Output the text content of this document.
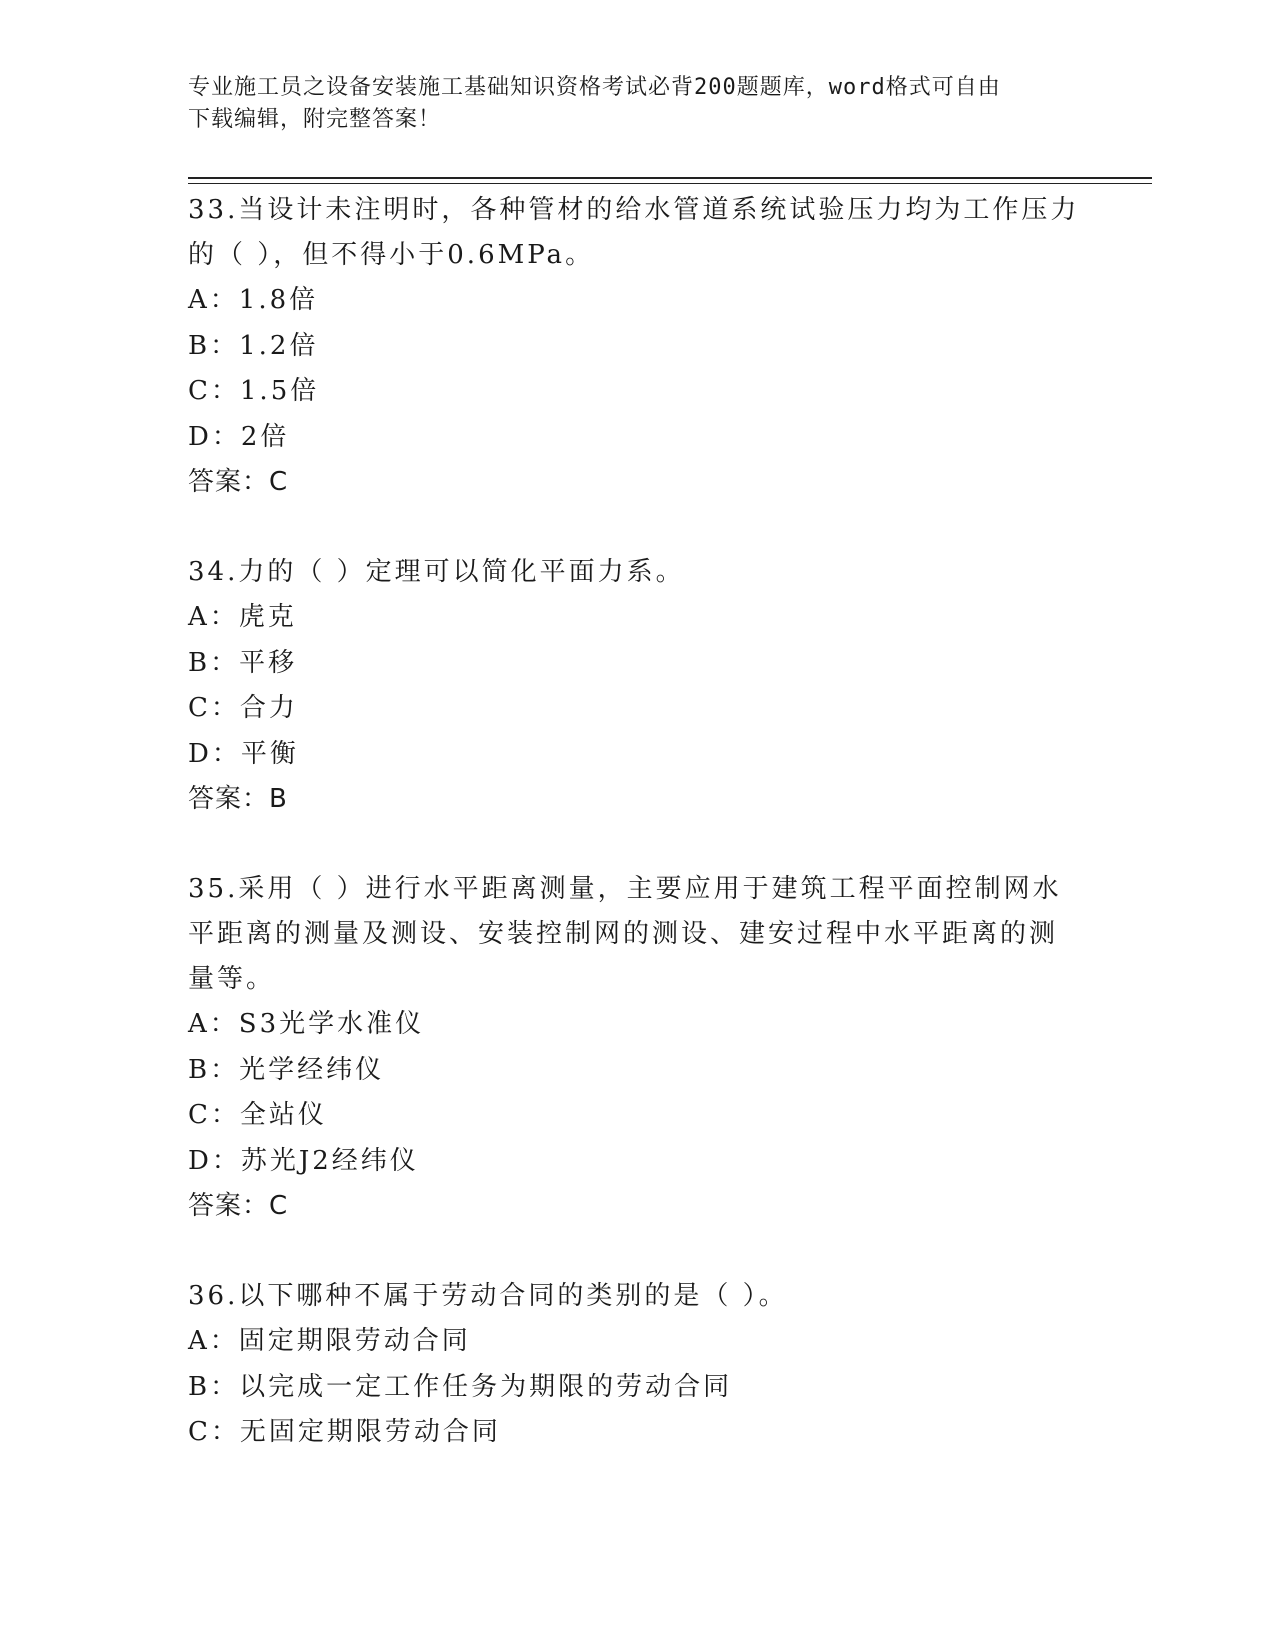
专业施工员之设备安装施工基础知识资格考试必背200题题库，word格式可自由
下载编辑，附完整答案！

33.当设计未注明时，各种管材的给水管道系统试验压力均为工作压力

的（ ），但不得小于0.6MPa。

A：1.8倍

B：1.2倍

C：1.5倍

D：2倍

答案：C

34.力的（ ）定理可以简化平面力系。

A：虎克

B：平移

C：合力

D：平衡

答案：B

35.采用（ ）进行水平距离测量，主要应用于建筑工程平面控制网水

平距离的测量及测设、安装控制网的测设、建安过程中水平距离的测

量等。

A：S3光学水准仪

B：光学经纬仪

C：全站仪

D：苏光J2经纬仪

答案：C

36.以下哪种不属于劳动合同的类别的是（ ）。

A：固定期限劳动合同

B：以完成一定工作任务为期限的劳动合同

C：无固定期限劳动合同
